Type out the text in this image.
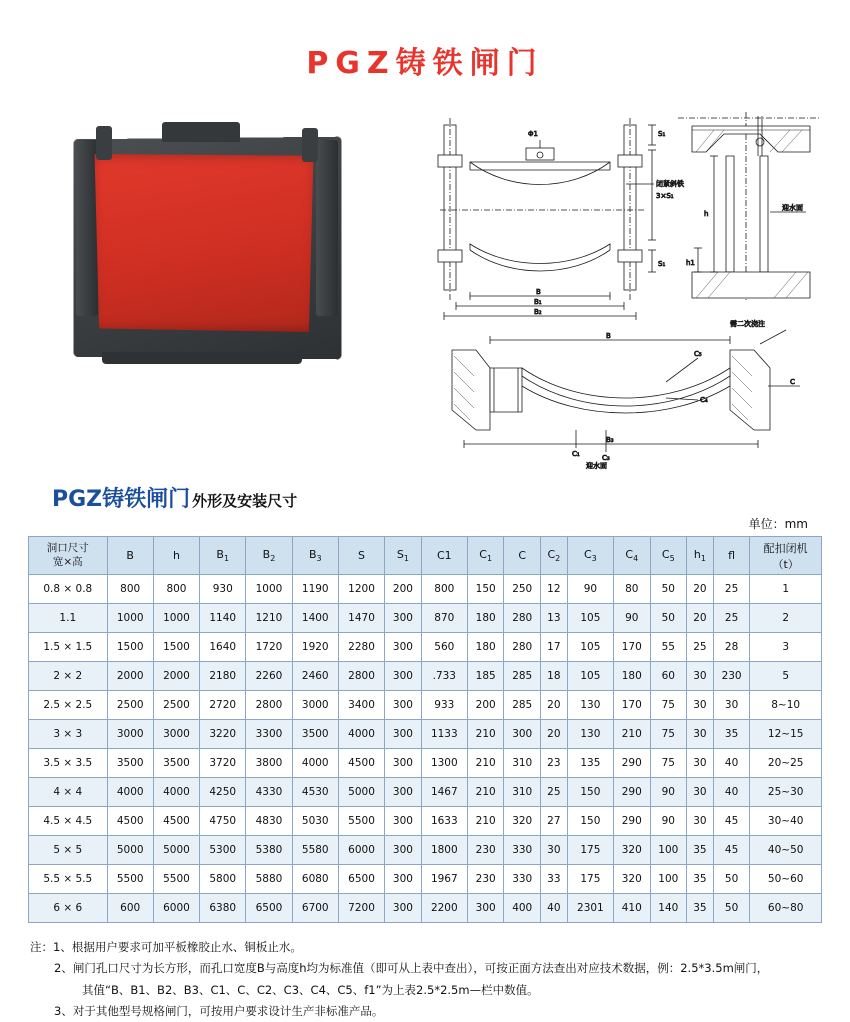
PGZ铸铁闸门
Φ1	S₁
3×S₁
S₁
闭紧斜铁
B
B₁
B₂
h
h1
迎水面
B
B₃
C₅
C₄
C₁	C₃
C
需二次浇注
迎水面
PGZ铸铁闸门 外形及安装尺寸
单位：mm
洞口尺寸
宽×高	B	h	$B_1$	$B_2$	$B_3$	S	$S_1$	C1	$C_1$	C	$C_2$	$C_3$	$C_4$	$C_5$	$h_1$	fl	配扣闭机
（t）
0.8 × 0.8	800	800	930	1000	1190	1200	200	800	150	250	12	90	80	50	20	25	1
1.1	1000	1000	1140	1210	1400	1470	300	870	180	280	13	105	90	50	20	25	2
1.5 × 1.5	1500	1500	1640	1720	1920	2280	300	560	180	280	17	105	170	55	25	28	3
2 × 2	2000	2000	2180	2260	2460	2800	300	.733	185	285	18	105	180	60	30	230	5
2.5 × 2.5	2500	2500	2720	2800	3000	3400	300	933	200	285	20	130	170	75	30	30	8~10
3 × 3	3000	3000	3220	3300	3500	4000	300	1133	210	300	20	130	210	75	30	35	12~15
3.5 × 3.5	3500	3500	3720	3800	4000	4500	300	1300	210	310	23	135	290	75	30	40	20~25
4 × 4	4000	4000	4250	4330	4530	5000	300	1467	210	310	25	150	290	90	30	40	25~30
4.5 × 4.5	4500	4500	4750	4830	5030	5500	300	1633	210	320	27	150	290	90	30	45	30~40
5 × 5	5000	5000	5300	5380	5580	6000	300	1800	230	330	30	175	320	100	35	45	40~50
5.5 × 5.5	5500	5500	5800	5880	6080	6500	300	1967	230	330	33	175	320	100	35	50	50~60
6 × 6	600	6000	6380	6500	6700	7200	300	2200	300	400	40	2301	410	140	35	50	60~80
注：1、根据用户要求可加平板橡胶止水、铜板止水。
2、闸门孔口尺寸为长方形，而孔口宽度B与高度h均为标准值（即可从上表中查出），可按正面方法查出对应技术数据，例：2.5*3.5m闸门，
其值“B、B1、B2、B3、C1、C、C2、C3、C4、C5、f1”为上表2.5*2.5m—栏中数值。
3、对于其他型号规格闸门，可按用户要求设计生产非标准产品。
